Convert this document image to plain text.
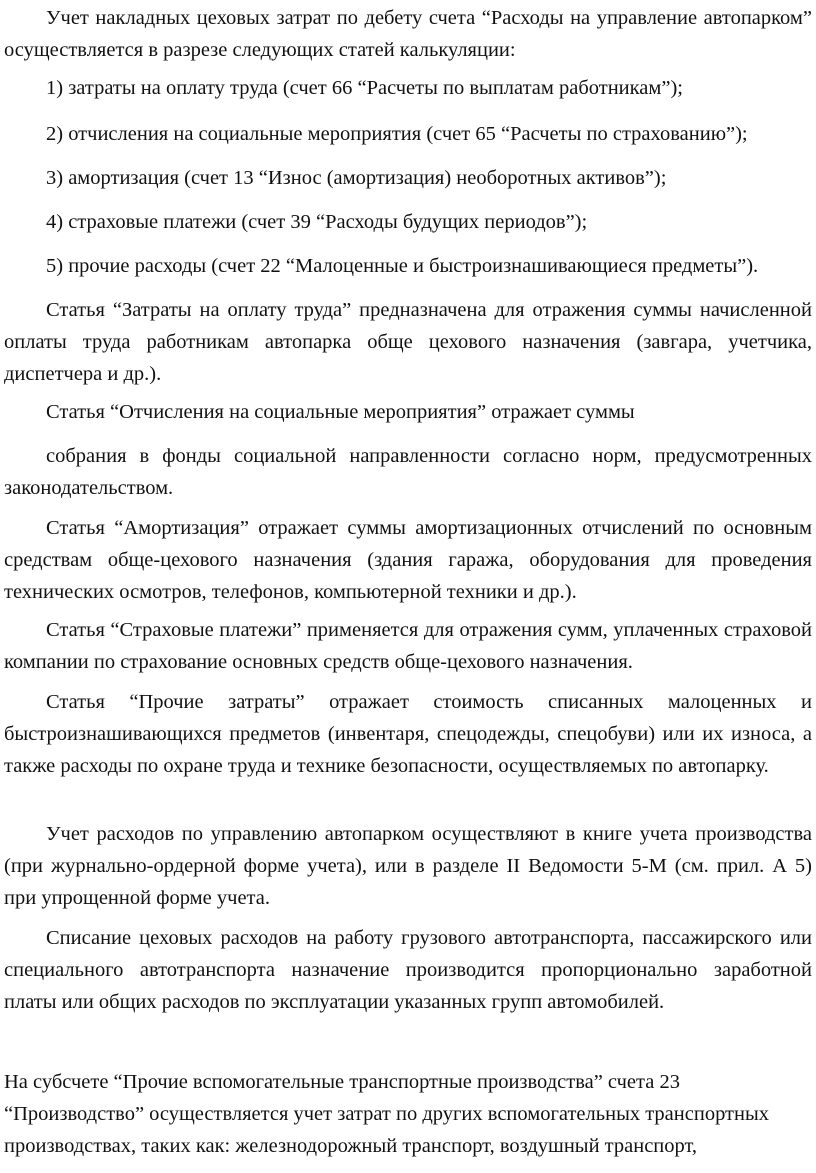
Учет накладных цеховых затрат по дебету счета “Расходы на управление автопарком” осуществляется в разрезе следующих статей калькуляции:

1) затраты на оплату труда (счет 66 “Расчеты по выплатам работникам”);

2) отчисления на социальные мероприятия (счет 65 “Расчеты по страхованию”);

3) амортизация (счет 13 “Износ (амортизация) необоротных активов”);

4) страховые платежи (счет 39 “Расходы будущих периодов”);

5) прочие расходы (счет 22 “Малоценные и быстроизнашивающиеся предметы”).

Статья “Затраты на оплату труда” предназначена для отражения суммы начисленной оплаты труда работникам автопарка обще цехового назначения (завгара, учетчика, диспетчера и др.).

Статья “Отчисления на социальные мероприятия” отражает суммы

собрания в фонды социальной направленности согласно норм, предусмотренных законодательством.

Статья “Амортизация” отражает суммы амортизационных отчислений по основным средствам обще-цехового назначения (здания гаража, оборудования для проведения технических осмотров, телефонов, компьютерной техники и др.).

Статья “Страховые платежи” применяется для отражения сумм, уплаченных страховой компании по страхование основных средств обще-цехового назначения.

Статья “Прочие затраты” отражает стоимость списанных малоценных и быстроизнашивающихся предметов (инвентаря, спецодежды, спецобуви) или их износа, а также расходы по охране труда и технике безопасности, осуществляемых по автопарку.

Учет расходов по управлению автопарком осуществляют в книге учета производства (при журнально-ордерной форме учета), или в разделе II Ведомости 5-М (см. прил. А 5) при упрощенной форме учета.

Списание цеховых расходов на работу грузового автотранспорта, пассажирского или специального автотранспорта назначение производится пропорционально заработной платы или общих расходов по эксплуатации указанных групп автомобилей.

На субсчете “Прочие вспомогательные транспортные производства” счета 23

“Производство” осуществляется учет затрат по других вспомогательных транспортных

производствах, таких как: железнодорожный транспорт, воздушный транспорт,
